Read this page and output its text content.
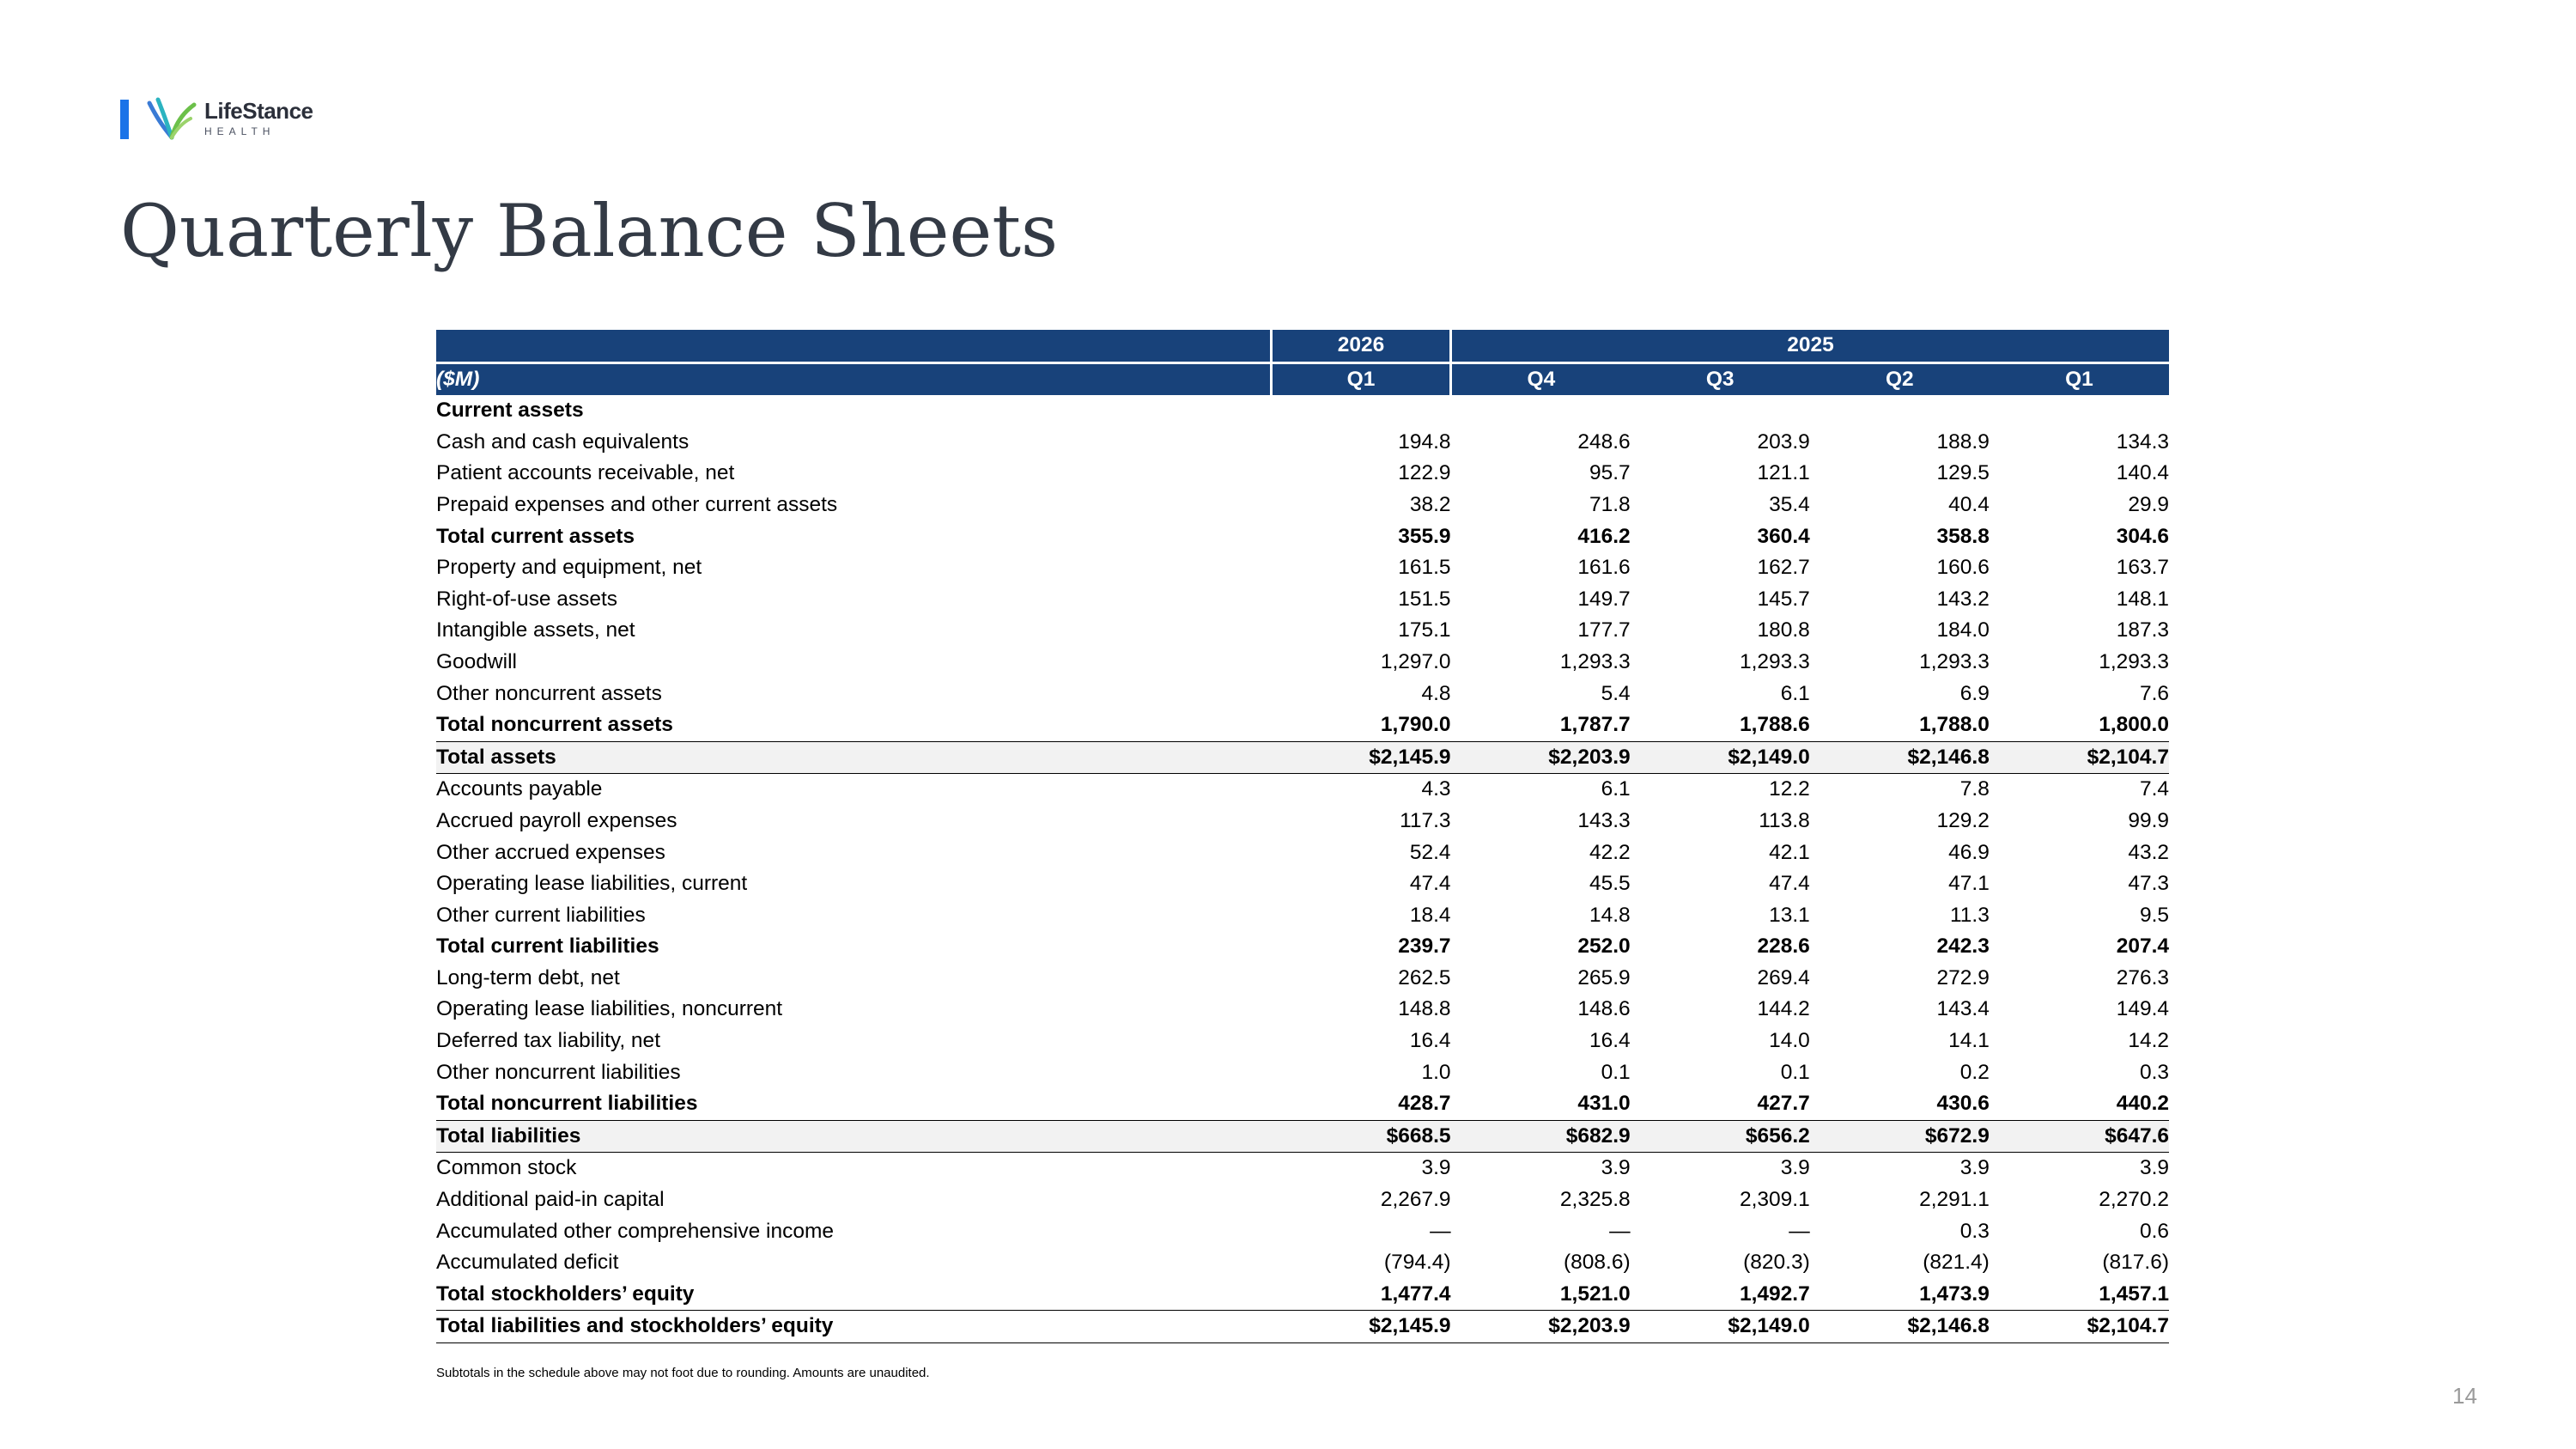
LifeStance
HEALTH
Quarterly Balance Sheets
	2026	2025			
($M)	Q1	Q4	Q3	Q2	Q1
Current assets					
Cash and cash equivalents	194.8	248.6	203.9	188.9	134.3
Patient accounts receivable, net	122.9	95.7	121.1	129.5	140.4
Prepaid expenses and other current assets	38.2	71.8	35.4	40.4	29.9
Total current assets	355.9	416.2	360.4	358.8	304.6
Property and equipment, net	161.5	161.6	162.7	160.6	163.7
Right-of-use assets	151.5	149.7	145.7	143.2	148.1
Intangible assets, net	175.1	177.7	180.8	184.0	187.3
Goodwill	1,297.0	1,293.3	1,293.3	1,293.3	1,293.3
Other noncurrent assets	4.8	5.4	6.1	6.9	7.6
Total noncurrent assets	1,790.0	1,787.7	1,788.6	1,788.0	1,800.0
Total assets	$2,145.9	$2,203.9	$2,149.0	$2,146.8	$2,104.7
Accounts payable	4.3	6.1	12.2	7.8	7.4
Accrued payroll expenses	117.3	143.3	113.8	129.2	99.9
Other accrued expenses	52.4	42.2	42.1	46.9	43.2
Operating lease liabilities, current	47.4	45.5	47.4	47.1	47.3
Other current liabilities	18.4	14.8	13.1	11.3	9.5
Total current liabilities	239.7	252.0	228.6	242.3	207.4
Long-term debt, net	262.5	265.9	269.4	272.9	276.3
Operating lease liabilities, noncurrent	148.8	148.6	144.2	143.4	149.4
Deferred tax liability, net	16.4	16.4	14.0	14.1	14.2
Other noncurrent liabilities	1.0	0.1	0.1	0.2	0.3
Total noncurrent liabilities	428.7	431.0	427.7	430.6	440.2
Total liabilities	$668.5	$682.9	$656.2	$672.9	$647.6
Common stock	3.9	3.9	3.9	3.9	3.9
Additional paid-in capital	2,267.9	2,325.8	2,309.1	2,291.1	2,270.2
Accumulated other comprehensive income	—	—	—	0.3	0.6
Accumulated deficit	(794.4)	(808.6)	(820.3)	(821.4)	(817.6)
Total stockholders’ equity	1,477.4	1,521.0	1,492.7	1,473.9	1,457.1
Total liabilities and stockholders’ equity	$2,145.9	$2,203.9	$2,149.0	$2,146.8	$2,104.7
Subtotals in the schedule above may not foot due to rounding. Amounts are unaudited.
14
